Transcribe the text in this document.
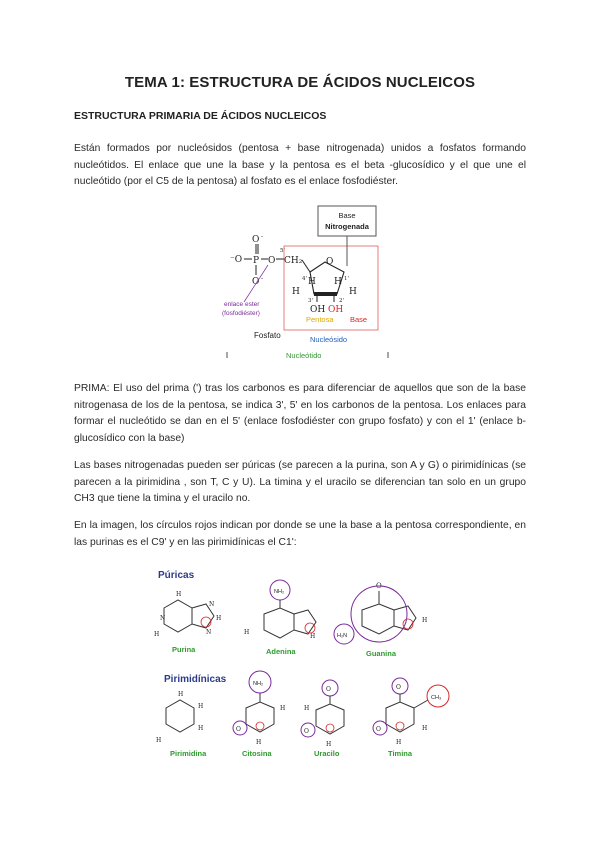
TEMA 1: ESTRUCTURA DE ÁCIDOS NUCLEICOS
ESTRUCTURA PRIMARIA DE ÁCIDOS NUCLEICOS
Están formados por nucleósidos (pentosa + base nitrogenada) unidos a fosfatos formando nucleótidos. El enlace que une la base y la pentosa es el beta -glucosídico y el que une el nucleótido (por el C5 de la pentosa) al fosfato es el enlace fosfodiéster.
Base
Nitrogenada
O -
⁻O P O
O -
CH₂
5'
O
4'	1'
H H
H	H
3'	2'
OH OH
enlace ester
(fosfodiéster)
Pentosa Base
Fosfato	Nucleósido
Nucleótido
PRIMA: El uso del prima (') tras los carbonos es para diferenciar de aquellos que son de la base nitrogenasa de los de la pentosa, se indica 3', 5' en los carbonos de la pentosa. Los enlaces para formar el nucleótido se dan en el 5' (enlace fosfodiéster con grupo fosfato) y con el 1' (enlace b-glucosídico con la base)
Las bases nitrogenadas pueden ser púricas (se parecen a la purina, son A y G) o pirimidínicas (se parecen a la pirimidina , son T, C y U). La timina y el uracilo se diferencian tan solo en un grupo CH3 que tiene la timina y el uracilo no.
En la imagen, los círculos rojos indican por donde se une la base a la pentosa correspondiente, en las purinas es el C9' y en las pirimidínicas el C1':
Púricas
H
N
H
N
H
N
Purina
NH₂
H
H
Adenina
O
H₂N
H
Guanina
Pirimidínicas
H
H
H
H
Pirimidina
NH₂
O
H
H
Citosina
O
O
H
H
Uracilo
O
CH₃
O	H
H
Timina
